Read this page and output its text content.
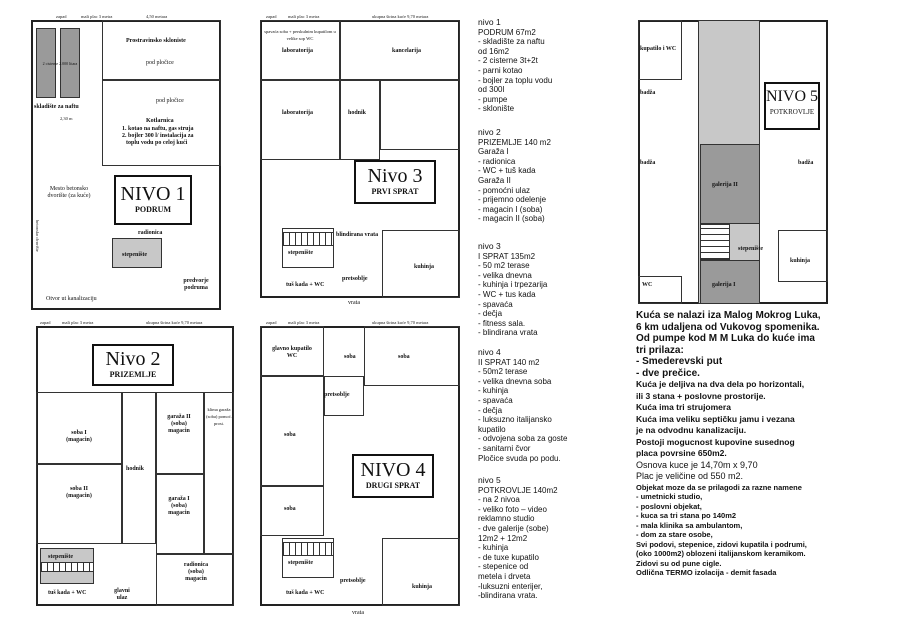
zapad	mali plac 3 metra	4,50 metara
2 cisterne 2.000 litara
Prostravinsko skloniste
pod pločice
skladište za naftu
2,30 m	Kotlarnica
1. kotao na naftu, gas struja
2. bojler 300 l/ instalacija za
toplu vodu po celoj kući
pod pločice
Mesto betonsko dvorište (za kuće)
betonsko dvorište
NIVO 1
PODRUM
radionica
stepenište
predvorje podruma
Otvor ut kanalizaciju
zapad	mali plac 3 metra	ukupna širina kuće 9,70 metara
laboratorija
spavaća soba + perskulnim kupatilom u velike sop WC
kancelarija
laboratorija	hodnik
Nivo 3
PRVI SPRAT
stepenište
tuš kada + WC
pretsoblje
blindirana vrata
kuhinja
vrata
zapad	mali plac 3 metra	ukupna širina kuće 9,70 metara
Nivo 2
PRIZEMLJE
soba I (magacin)
soba II (magacin)
hodnik
garaža II (soba) magacin
garaža I (soba) magacin
klima garaža (soba) pomoć. prost.
stepenište
tuš kada + WC	glavni ulaz
radionica (soba) magacin
zapad	mali plac 3 metra	ukupna širina kuće 9,70 metara
glavno kupatilo WC	soba
soba
pretsoblje
soba
soba
NIVO 4
DRUGI SPRAT
stepenište
tuš kada + WC
pretsoblje
kuhinja
vrata
nivo 1
PODRUM 67m2
- skladište za naftu
od 16m2
- 2 cisterne 3t+2t
- parni kotao
- bojler za toplu vodu
od 300l
- pumpe
- sklonište
nivo 2
PRIZEMLJE 140 m2
Garaža I
- radionica
- WC + tuš kada
Garaža II
- pomoćni ulaz
- prijemno odelenje
- magacin I (soba)
- magacin II (soba)
nivo 3
I SPRAT 135m2
- 50 m2 terase
- velika dnevna
- kuhinja i trpezarija
- WC + tus kada
- spavaća
- dečja
- fitness sala.
- blindirana vrata
nivo 4
II SPRAT 140 m2
- 50m2 terase
- velika dnevna soba
- kuhinja
- spavaća
- dečja
- luksuzno italijansko
kupatilo
- odvojena soba za goste
- sanitarni čvor
Pločice svuda po podu.
nivo 5
POTKROVLJE 140m2
- na 2 nivoa
- veliko foto – video
reklamno studio
- dve galerije (sobe)
12m2 + 12m2
- kuhinja
- de tuxe kupatilo
- stepenice od
metela i drveta
-luksuzni enterijer,
-blindirana vrata.
kupatilo i WC
galerija II
galerija I
NIVO 5
POTKROVLJE
badža
badža	badža
stepenište
kuhinja
WC
Kuća se nalazi iza Malog Mokrog Luka,
6 km udaljena od Vukovog spomenika.
Od pumpe kod M M Luka do kuće ima
tri prilaza:
- Smederevski put
- dve prečice.
Kuća je deljiva na dva dela po horizontali,
ili 3 stana + poslovne prostorije.
Kuća ima tri strujomera
Kuća ima veliku septičku jamu i vezana
je na odvodnu kanalizaciju.
Postoji mogucnost kupovine susednog
placa povrsine 650m2.
Osnova kuce je 14,70m x 9,70
Plac je veličine od 550 m2.
Objekat moze da se prilagodi za razne namene
- umetnicki studio,
- poslovni objekat,
- kuca sa tri stana po 140m2
- mala klinika sa ambulantom,
- dom za stare osobe,
Svi podovi, stepenice, zidovi kupatila i podrumi,
(oko 1000m2) oblozeni italijanskom keramikom.
Zidovi su od pune cigle.
Odlična TERMO izolacija - demit fasada
